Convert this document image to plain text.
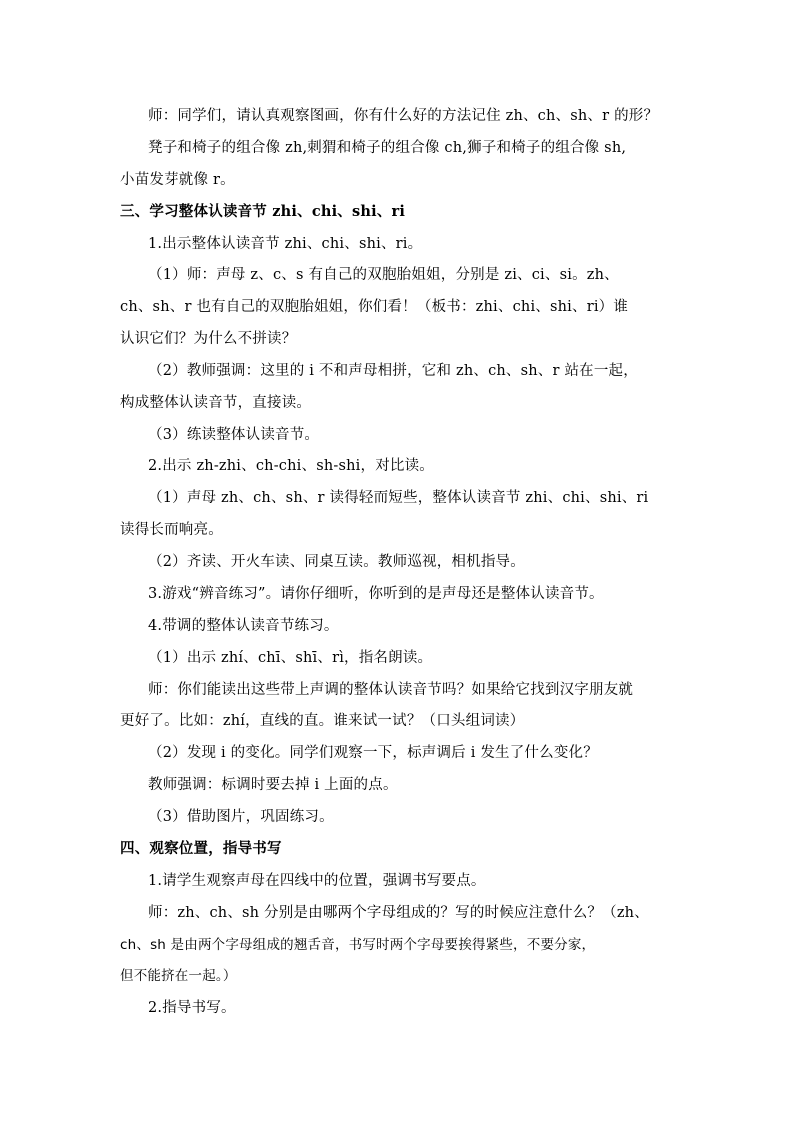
师：同学们，请认真观察图画，你有什么好的方法记住 zh、ch、sh、r 的形？
凳子和椅子的组合像 zh,刺猬和椅子的组合像 ch,狮子和椅子的组合像 sh,
小苗发芽就像 r。
三、学习整体认读音节 zhi、chi、shi、ri
1.出示整体认读音节 zhi、chi、shi、ri。
（1）师：声母 z、c、s 有自己的双胞胎姐姐，分别是 zi、ci、si。zh、
ch、sh、r 也有自己的双胞胎姐姐，你们看！（板书：zhi、chi、shi、ri）谁
认识它们？为什么不拼读？
（2）教师强调：这里的 i 不和声母相拼，它和 zh、ch、sh、r 站在一起，
构成整体认读音节，直接读。
（3）练读整体认读音节。
2.出示 zh-zhi、ch-chi、sh-shi，对比读。
（1）声母 zh、ch、sh、r 读得轻而短些，整体认读音节 zhi、chi、shi、ri
读得长而响亮。
（2）齐读、开火车读、同桌互读。教师巡视，相机指导。
3.游戏“辨音练习”。请你仔细听，你听到的是声母还是整体认读音节。
4.带调的整体认读音节练习。
（1）出示 zhí、chī、shī、rì，指名朗读。
师：你们能读出这些带上声调的整体认读音节吗？如果给它找到汉字朋友就
更好了。比如：zhí，直线的直。谁来试一试？（口头组词读）
（2）发现 i 的变化。同学们观察一下，标声调后 i 发生了什么变化？
教师强调：标调时要去掉 i 上面的点。
（3）借助图片，巩固练习。
四、观察位置，指导书写
1.请学生观察声母在四线中的位置，强调书写要点。
师：zh、ch、sh 分别是由哪两个字母组成的？写的时候应注意什么？（zh、
ch、sh 是由两个字母组成的翘舌音，书写时两个字母要挨得紧些，不要分家，
但不能挤在一起。）
2.指导书写。
